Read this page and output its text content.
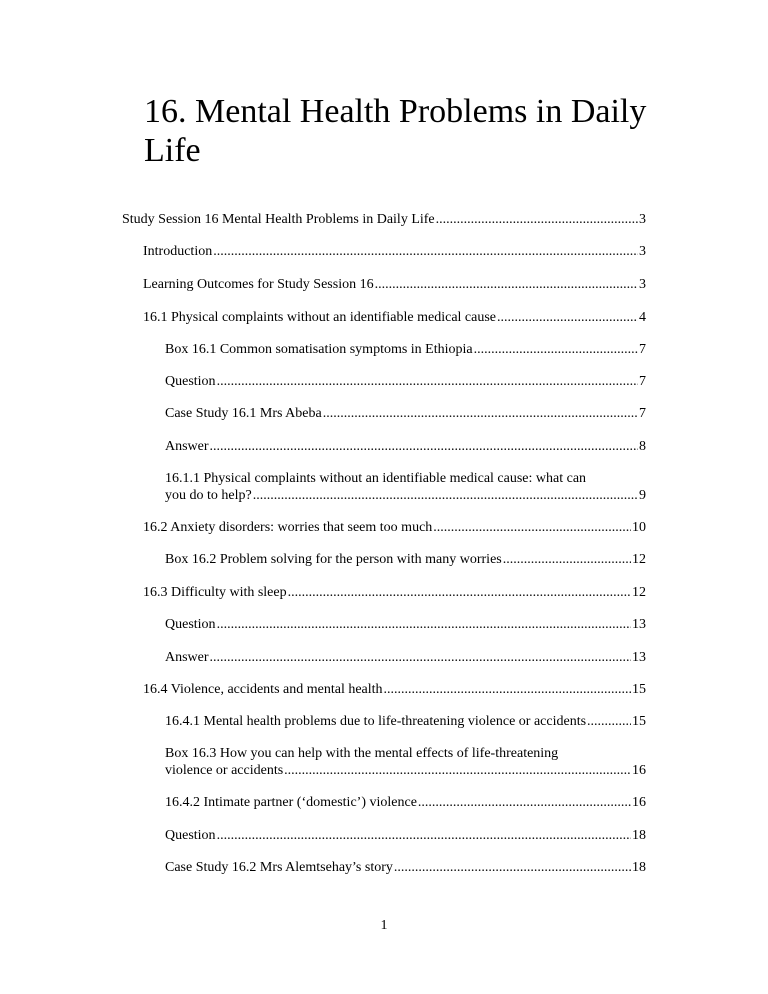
16. Mental Health Problems in Daily Life
Study Session 16 Mental Health Problems in Daily Life .....	3
Introduction .....	3
Learning Outcomes for Study Session 16 .....	3
16.1 Physical complaints without an identifiable medical cause .....	4
Box 16.1 Common somatisation symptoms in Ethiopia .....	7
Question .....	7
Case Study 16.1 Mrs Abeba .....	7
Answer .....	8
16.1.1 Physical complaints without an identifiable medical cause: what can
you do to help? .....	9
16.2 Anxiety disorders: worries that seem too much .....	10
Box 16.2 Problem solving for the person with many worries .....	12
16.3 Difficulty with sleep .....	12
Question .....	13
Answer .....	13
16.4 Violence, accidents and mental health .....	15
16.4.1 Mental health problems due to life-threatening violence or accidents .....	15
Box 16.3 How you can help with the mental effects of life-threatening
violence or accidents .....	16
16.4.2 Intimate partner (‘domestic’) violence .....	16
Question .....	18
Case Study 16.2 Mrs Alemtsehay’s story .....	18
1
